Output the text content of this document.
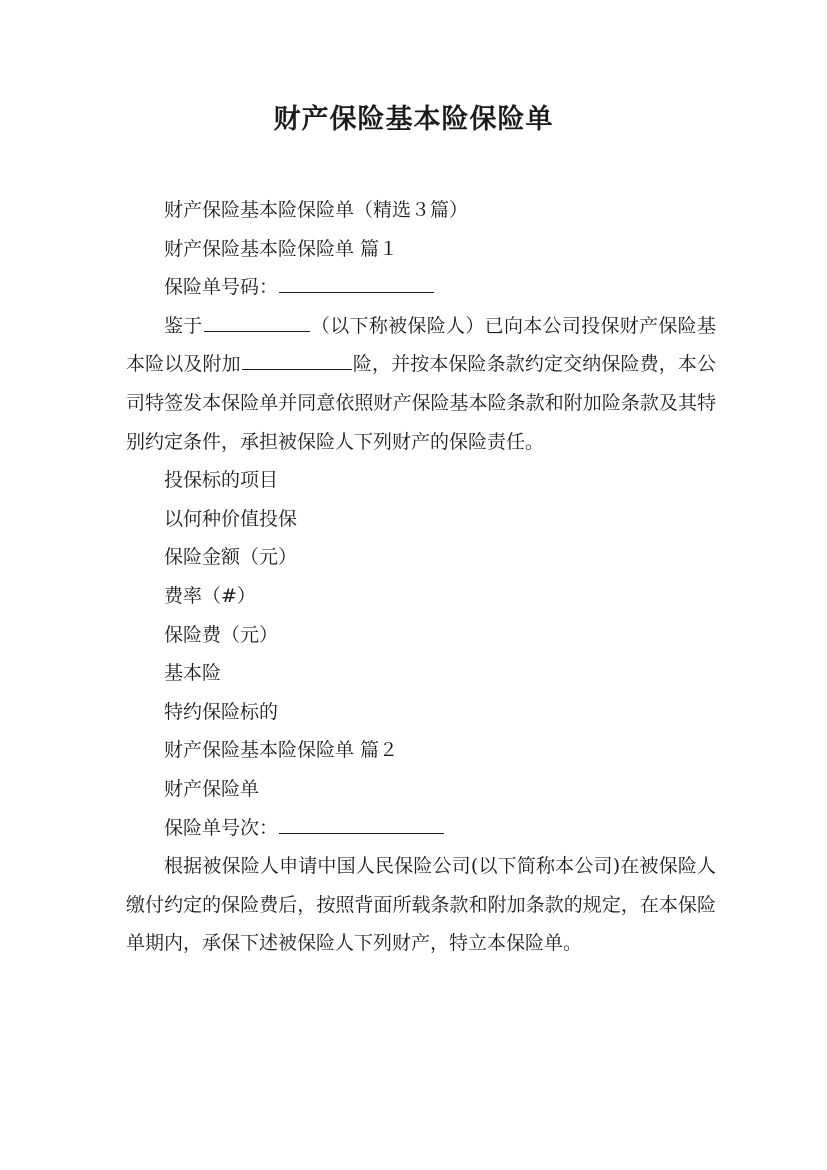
财产保险基本险保险单

财产保险基本险保险单（精选３篇）

财产保险基本险保险单 篇１

保险单号码：

鉴于	（以下称被保险人）已向本公司投保财产保险基本险以及附加	险，并按本保险条款约定交纳保险费，本公司特签发本保险单并同意依照财产保险基本险条款和附加险条款及其特别约定条件，承担被保险人下列财产的保险责任。

投保标的项目

以何种价值投保

保险金额（元）

费率（#）

保险费（元）

基本险

特约保险标的

财产保险基本险保险单 篇２

财产保险单

保险单号次：

根据被保险人申请中国人民保险公司(以下简称本公司)在被保险人缴付约定的保险费后，按照背面所载条款和附加条款的规定，在本保险单期内，承保下述被保险人下列财产，特立本保险单。
